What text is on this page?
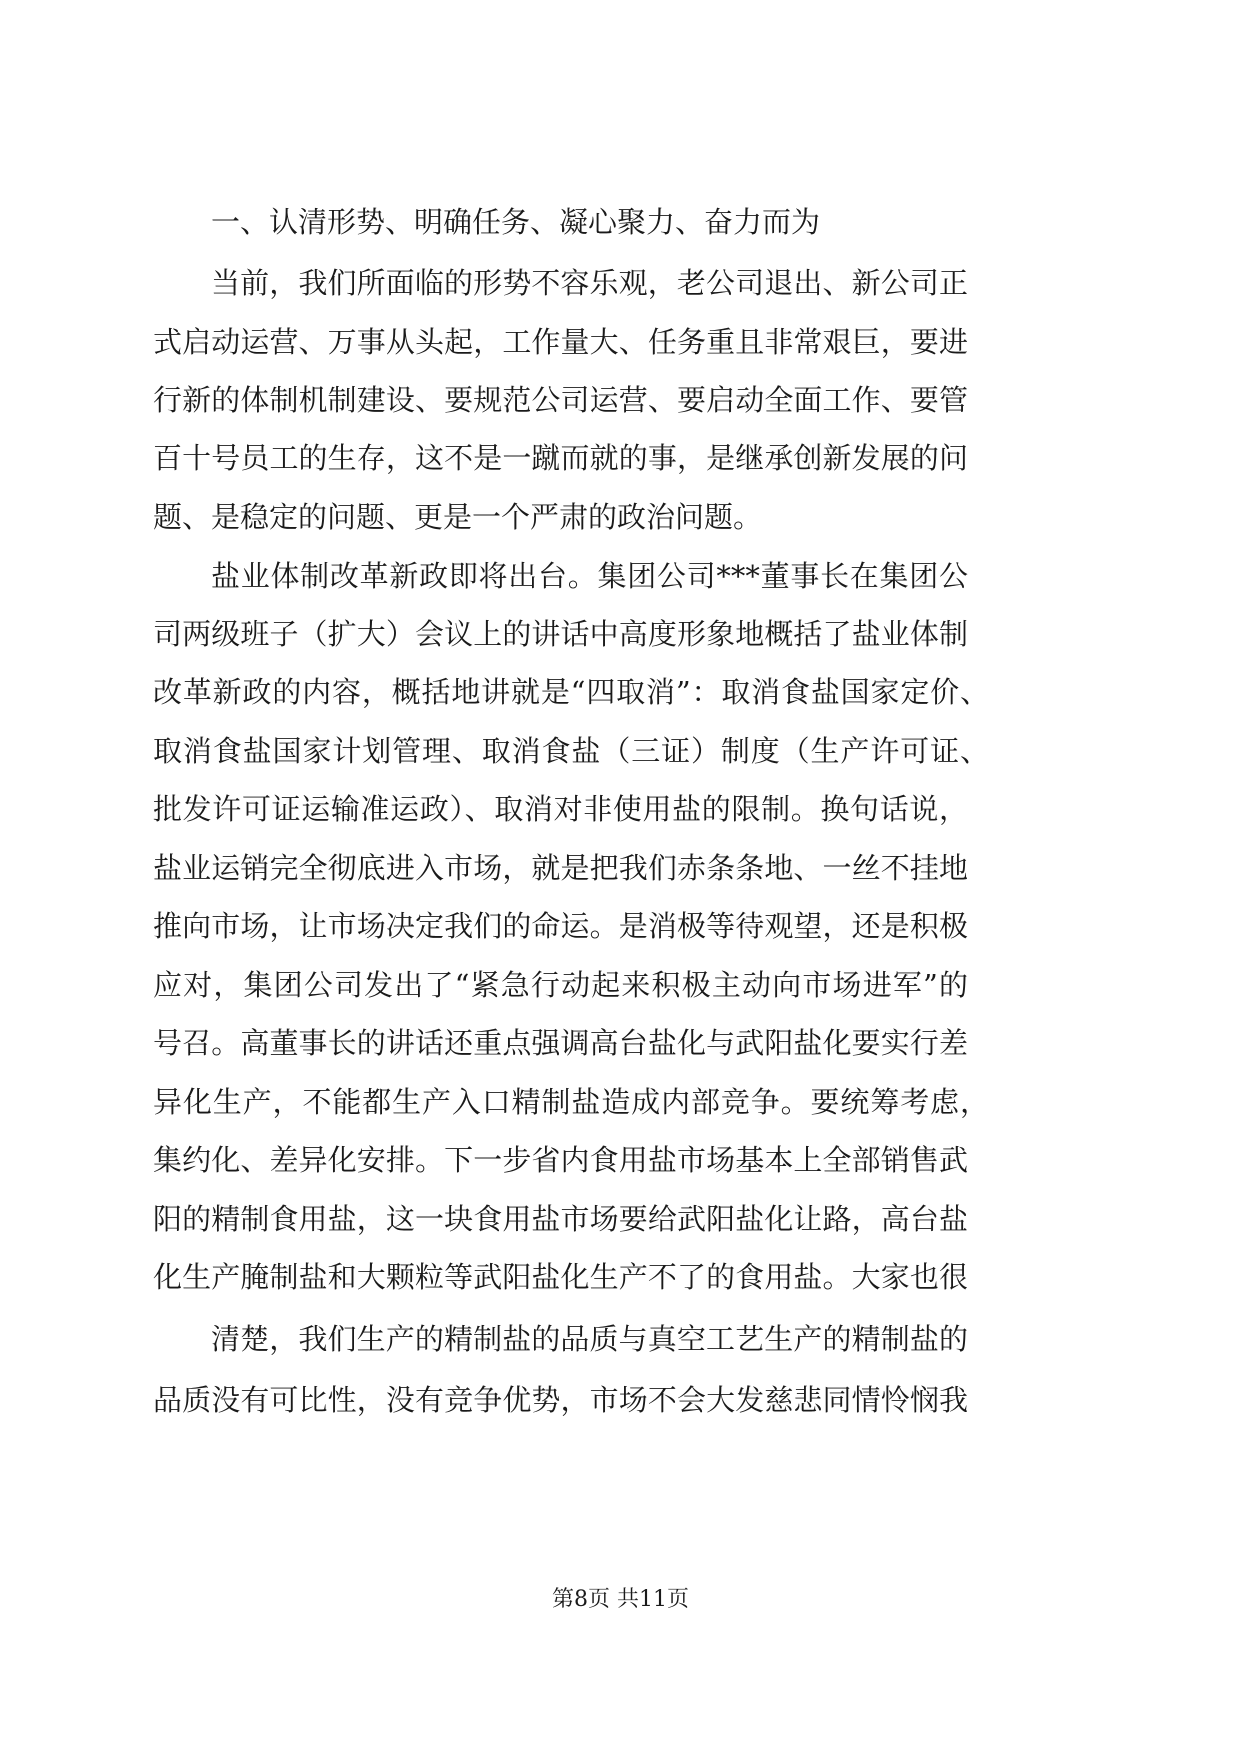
一、认清形势、明确任务、凝心聚力、奋力而为
当前，我们所面临的形势不容乐观，老公司退出、新公司正
式启动运营、万事从头起，工作量大、任务重且非常艰巨，要进
行新的体制机制建设、要规范公司运营、要启动全面工作、要管
百十号员工的生存，这不是一蹴而就的事，是继承创新发展的问
题、是稳定的问题、更是一个严肃的政治问题。
盐业体制改革新政即将出台。集团公司***董事长在集团公
司两级班子（扩大）会议上的讲话中高度形象地概括了盐业体制
改革新政的内容，概括地讲就是“四取消”：取消食盐国家定价、
取消食盐国家计划管理、取消食盐（三证）制度（生产许可证、
批发许可证运输准运政）、取消对非使用盐的限制。换句话说，
盐业运销完全彻底进入市场，就是把我们赤条条地、一丝不挂地
推向市场，让市场决定我们的命运。是消极等待观望，还是积极
应对，集团公司发出了“紧急行动起来积极主动向市场进军”的
号召。高董事长的讲话还重点强调高台盐化与武阳盐化要实行差
异化生产，不能都生产入口精制盐造成内部竞争。要统筹考虑，
集约化、差异化安排。下一步省内食用盐市场基本上全部销售武
阳的精制食用盐，这一块食用盐市场要给武阳盐化让路，高台盐
化生产腌制盐和大颗粒等武阳盐化生产不了的食用盐。大家也很
清楚，我们生产的精制盐的品质与真空工艺生产的精制盐的
品质没有可比性，没有竞争优势，市场不会大发慈悲同情怜悯我
第8页 共11页
